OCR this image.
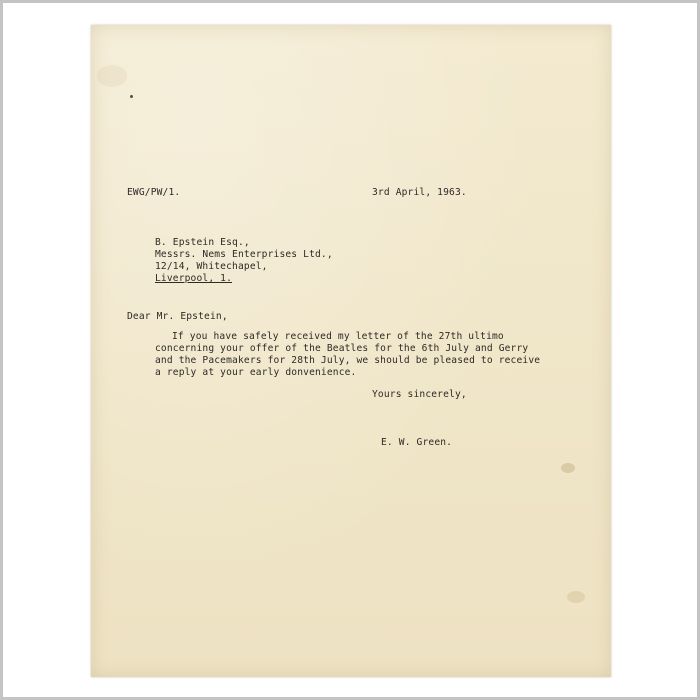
EWG/PW/1.	3rd April, 1963.
B. Epstein Esq.,
Messrs. Nems Enterprises Ltd.,
12/14, Whitechapel,
Liverpool, 1.
Dear Mr. Epstein,
If you have safely received my letter of the 27th ultimo
concerning your offer of the Beatles for the 6th July and Gerry
and the Pacemakers for 28th July, we should be pleased to receive
a reply at your early donvenience.
Yours sincerely,
E. W. Green.
